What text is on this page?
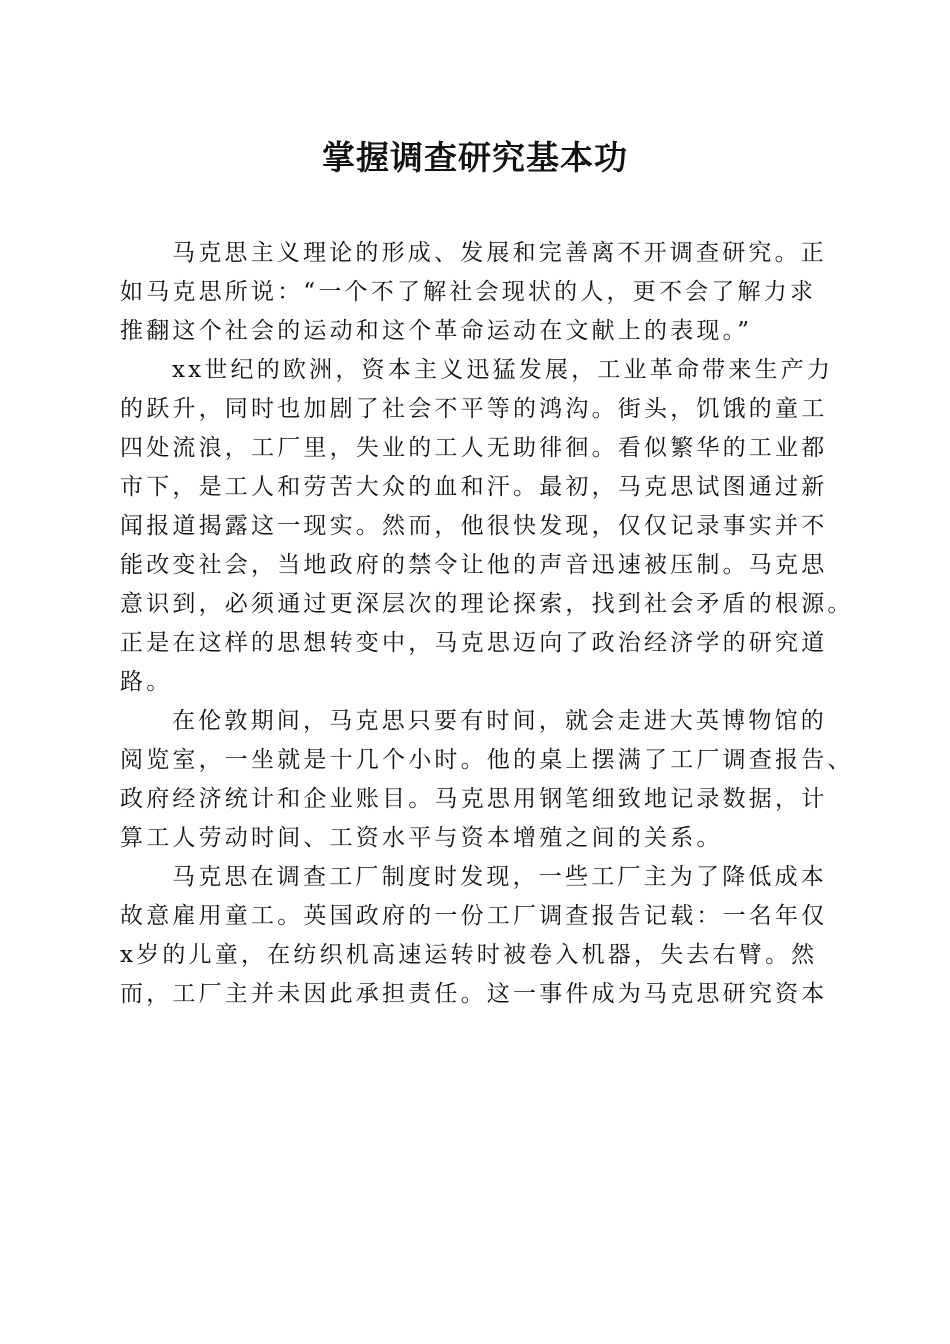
掌握调查研究基本功

马克思主义理论的形成、发展和完善离不开调查研究。正
如马克思所说：“一个不了解社会现状的人，更不会了解力求
推翻这个社会的运动和这个革命运动在文献上的表现。”

xx世纪的欧洲，资本主义迅猛发展，工业革命带来生产力
的跃升，同时也加剧了社会不平等的鸿沟。街头，饥饿的童工
四处流浪，工厂里，失业的工人无助徘徊。看似繁华的工业都
市下，是工人和劳苦大众的血和汗。最初，马克思试图通过新
闻报道揭露这一现实。然而，他很快发现，仅仅记录事实并不
能改变社会，当地政府的禁令让他的声音迅速被压制。马克思
意识到，必须通过更深层次的理论探索，找到社会矛盾的根源。
正是在这样的思想转变中，马克思迈向了政治经济学的研究道
路。

在伦敦期间，马克思只要有时间，就会走进大英博物馆的
阅览室，一坐就是十几个小时。他的桌上摆满了工厂调查报告、
政府经济统计和企业账目。马克思用钢笔细致地记录数据，计
算工人劳动时间、工资水平与资本增殖之间的关系。

马克思在调查工厂制度时发现，一些工厂主为了降低成本
故意雇用童工。英国政府的一份工厂调查报告记载：一名年仅
x岁的儿童，在纺织机高速运转时被卷入机器，失去右臂。然
而，工厂主并未因此承担责任。这一事件成为马克思研究资本
